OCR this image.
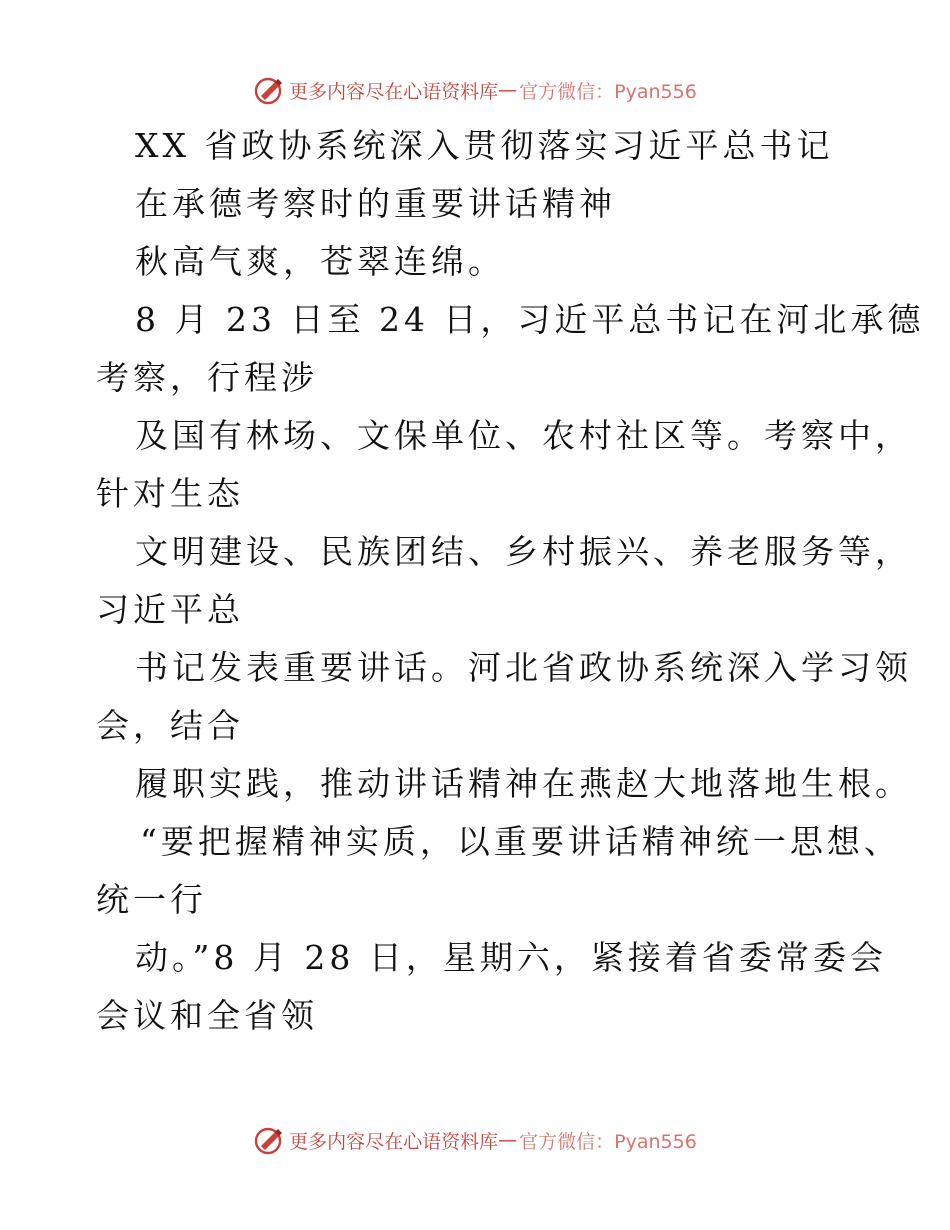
更多内容尽在心语资料库 — 官方微信：Pyan556
XX 省政协系统深入贯彻落实习近平总书记
在承德考察时的重要讲话精神
秋高气爽，苍翠连绵。
8 月 23 日至 24 日，习近平总书记在河北承德
考察，行程涉
及国有林场、文保单位、农村社区等。考察中，
针对生态
文明建设、民族团结、乡村振兴、养老服务等，
习近平总
书记发表重要讲话。河北省政协系统深入学习领
会，结合
履职实践，推动讲话精神在燕赵大地落地生根。
“要把握精神实质，以重要讲话精神统一思想、
统一行
动。”8 月 28 日，星期六，紧接着省委常委会
会议和全省领
更多内容尽在心语资料库 — 官方微信：Pyan556
